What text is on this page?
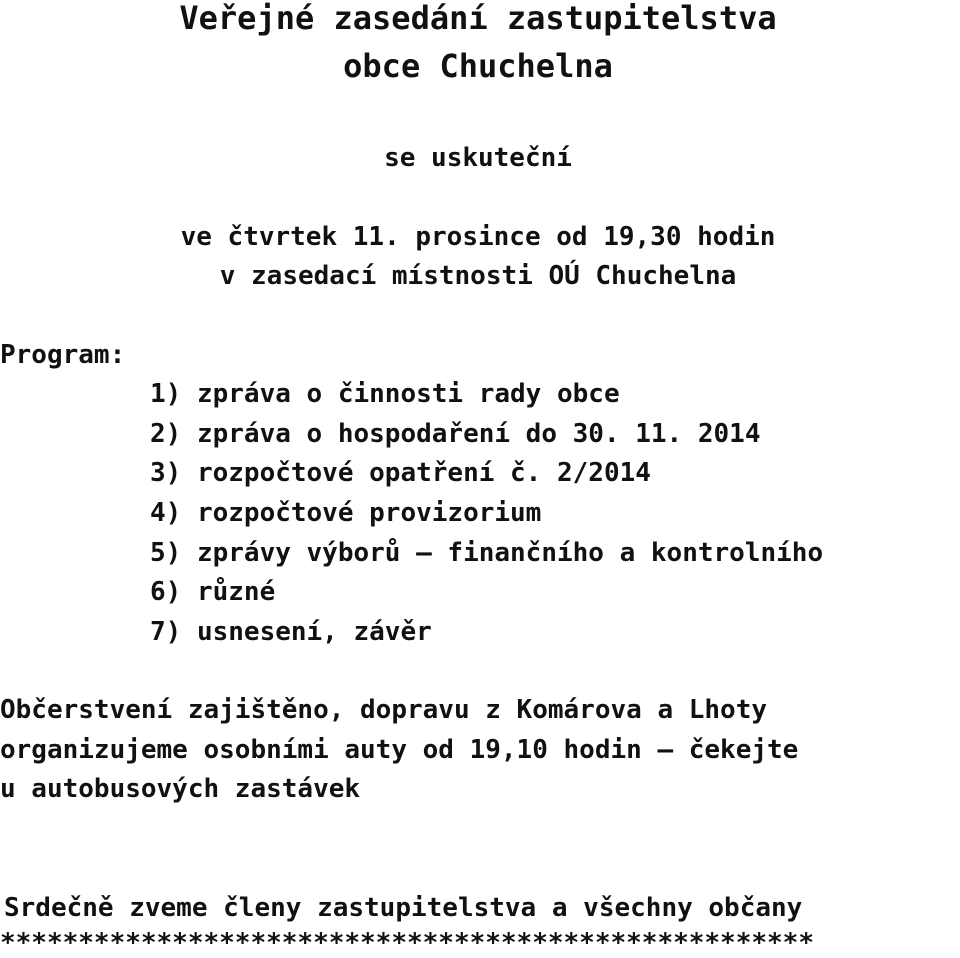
Veřejné zasedání zastupitelstva
obce Chuchelna
se uskuteční
ve čtvrtek 11. prosince od 19,30 hodin
v zasedací místnosti OÚ Chuchelna
Program:
1) zpráva o činnosti rady obce
2) zpráva o hospodaření do 30. 11. 2014
3) rozpočtové opatření č. 2/2014
4) rozpočtové provizorium
5) zprávy výborů – finančního a kontrolního
6) různé
7) usnesení, závěr
Občerstvení zajištěno, dopravu z Komárova a Lhoty
organizujeme osobními auty od 19,10 hodin – čekejte
u autobusových zastávek
Srdečně zveme členy zastupitelstva a všechny občany
****************************************************
